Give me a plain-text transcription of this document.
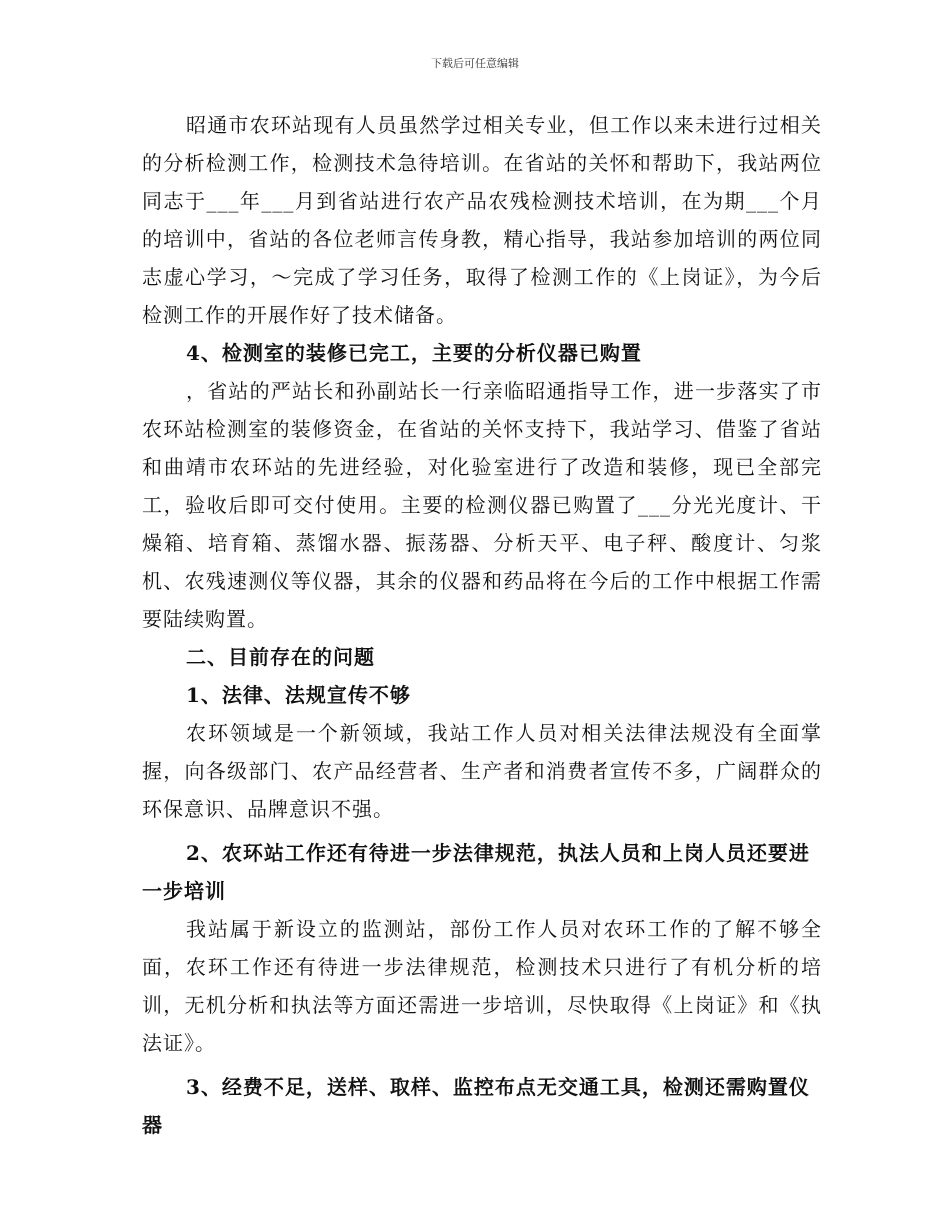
下载后可任意编辑

昭通市农环站现有人员虽然学过相关专业，但工作以来未进行过相关的分析检测工作，检测技术急待培训。在省站的关怀和帮助下，我站两位同志于___年___月到省站进行农产品农残检测技术培训，在为期___个月的培训中，省站的各位老师言传身教，精心指导，我站参加培训的两位同志虚心学习，～完成了学习任务，取得了检测工作的《上岗证》，为今后检测工作的开展作好了技术储备。

4、检测室的装修已完工，主要的分析仪器已购置

，省站的严站长和孙副站长一行亲临昭通指导工作，进一步落实了市农环站检测室的装修资金，在省站的关怀支持下，我站学习、借鉴了省站和曲靖市农环站的先进经验，对化验室进行了改造和装修，现已全部完工，验收后即可交付使用。主要的检测仪器已购置了___分光光度计、干燥箱、培育箱、蒸馏水器、振荡器、分析天平、电子秤、酸度计、匀浆机、农残速测仪等仪器，其余的仪器和药品将在今后的工作中根据工作需要陆续购置。

二、目前存在的问题

1、法律、法规宣传不够

农环领域是一个新领域，我站工作人员对相关法律法规没有全面掌握，向各级部门、农产品经营者、生产者和消费者宣传不多，广阔群众的环保意识、品牌意识不强。

2、农环站工作还有待进一步法律规范，执法人员和上岗人员还要进一步培训

我站属于新设立的监测站，部份工作人员对农环工作的了解不够全面，农环工作还有待进一步法律规范，检测技术只进行了有机分析的培训，无机分析和执法等方面还需进一步培训，尽快取得《上岗证》和《执法证》。

3、经费不足，送样、取样、监控布点无交通工具，检测还需购置仪器
